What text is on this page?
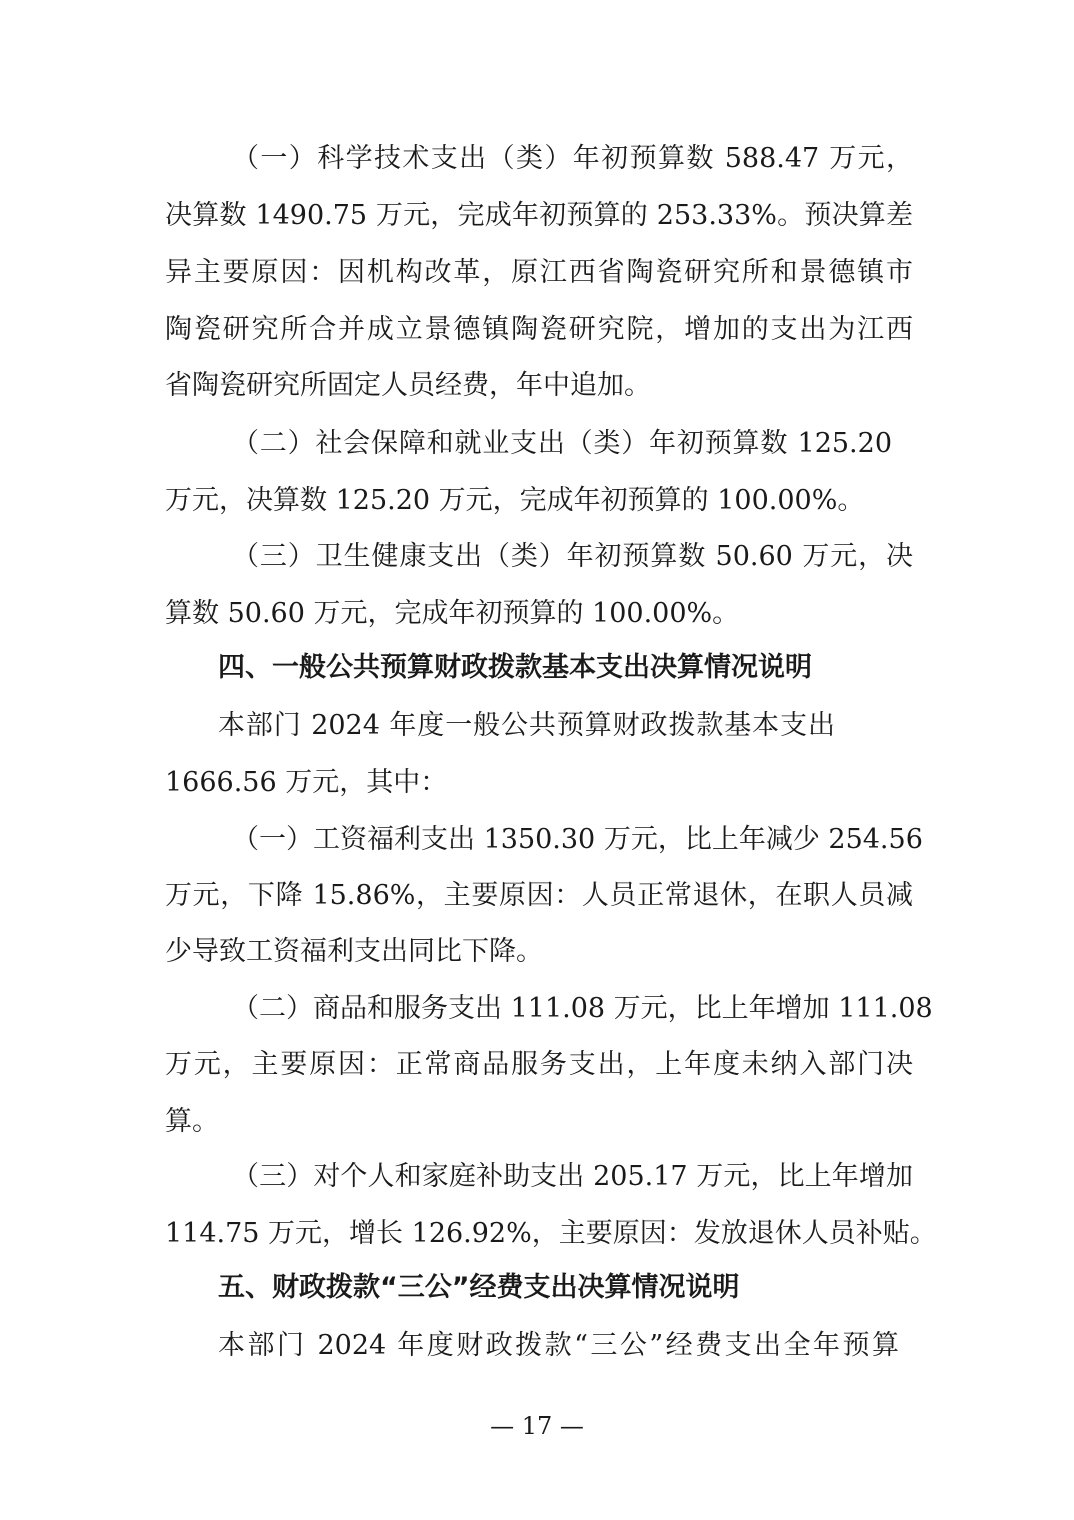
（一）科学技术支出（类）年初预算数 588.47 万元，
决算数 1490.75 万元，完成年初预算的 253.33%。预决算差
异主要原因：因机构改革，原江西省陶瓷研究所和景德镇市
陶瓷研究所合并成立景德镇陶瓷研究院，增加的支出为江西
省陶瓷研究所固定人员经费，年中追加。
（二）社会保障和就业支出（类）年初预算数 125.20
万元，决算数 125.20 万元，完成年初预算的 100.00%。
（三）卫生健康支出（类）年初预算数 50.60 万元，决
算数 50.60 万元，完成年初预算的 100.00%。
四、一般公共预算财政拨款基本支出决算情况说明
本部门 2024 年度一般公共预算财政拨款基本支出
1666.56 万元，其中：
（一）工资福利支出 1350.30 万元，比上年减少 254.56
万元，下降 15.86%，主要原因：人员正常退休，在职人员减
少导致工资福利支出同比下降。
（二）商品和服务支出 111.08 万元，比上年增加 111.08
万元，主要原因：正常商品服务支出，上年度未纳入部门决
算。
（三）对个人和家庭补助支出 205.17 万元，比上年增加
114.75 万元，增长 126.92%，主要原因：发放退休人员补贴。
五、财政拨款“三公”经费支出决算情况说明
本部门 2024 年度财政拨款“三公”经费支出全年预算
— 17 —
